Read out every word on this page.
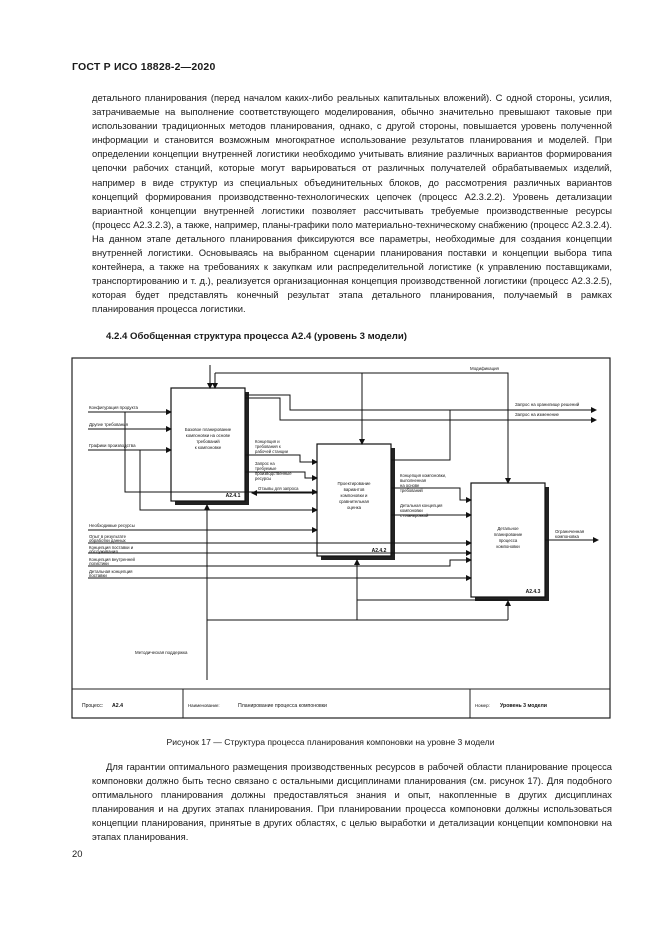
ГОСТ Р ИСО 18828-2—2020
детального планирования (перед началом каких-либо реальных капитальных вложений). С одной стороны, усилия, затрачиваемые на выполнение соответствующего моделирования, обычно значительно превышают таковые при использовании традиционных методов планирования, однако, с другой стороны, повышается уровень полученной информации и становится возможным многократное использование результатов планирования и моделей. При определении концепции внутренней логистики необходимо учитывать влияние различных вариантов формирования цепочки рабочих станций, которые могут варьироваться от различных получателей обрабатываемых изделий, например в виде структур из специальных объединительных блоков, до рассмотрения различных вариантов концепций формирования производственно-технологических цепочек (процесс А2.3.2.2). Уровень детализации вариантной концепции внутренней логистики позволяет рассчитывать требуемые производственные ресурсы (процесс А2.3.2.3), а также, например, планы-графики поло материально-техническому снабжению (процесс А2.3.2.4). На данном этапе детального планирования фиксируются все параметры, необходимые для создания концепции внутренней логистики. Основываясь на выбранном сценарии планирования поставки и концепции выбора типа контейнера, а также на требованиях к закупкам или распределительной логистике (к управлению поставщиками, транспортированию и т. д.), реализуется организационная концепция производственной логистики (процесс А2.3.2.5), которая будет представлять конечный результат этапа детального планирования, получаемый в рамках планирования процесса логистики.
4.2.4 Обобщенная структура процесса А2.4 (уровень 3 модели)
Базовое планирование
компоновки на основе
требований
к компоновке
A2.4.1
Проектирование
вариантов
компоновки и
сравнительная
оценка
A2.4.2
Детальное
планирование
процесса
компоновки
A2.4.3
Модификация
Запрос на хранилище решений
Запрос на изменение
Конфигурация продукта
Другие требования
Графики производства
Концепция и
требования к
рабочей станции
Запрос на
требуемые
производственные
ресурсы
Отзывы для запроса
Концепция компоновки,
выполненная
на основе
требований
Детальная концепция
компоновки
с планировкой
Необходимые ресурсы
Опыт в результате
обработки данных
Концепция поставки и
обслуживания
Концепция внутренней
логистики
Детальная концепция
поставки
Методическая поддержка
Ограниченная
компоновка
Процесс: А2.4	Наименование:	Планирование процесса компоновки	Номер: Уровень 3 модели
Рисунок 17 — Структура процесса планирования компоновки на уровне 3 модели
Для гарантии оптимального размещения производственных ресурсов в рабочей области планирование процесса компоновки должно быть тесно связано с остальными дисциплинами планирования (см. рисунок 17). Для подобного оптимального планирования должны предоставляться знания и опыт, накопленные в других дисциплинах планирования и на других этапах планирования. При планировании процесса компоновки должны использоваться концепции планирования, принятые в других областях, с целью выработки и детализации концепции компоновки на этапах планирования.
20
